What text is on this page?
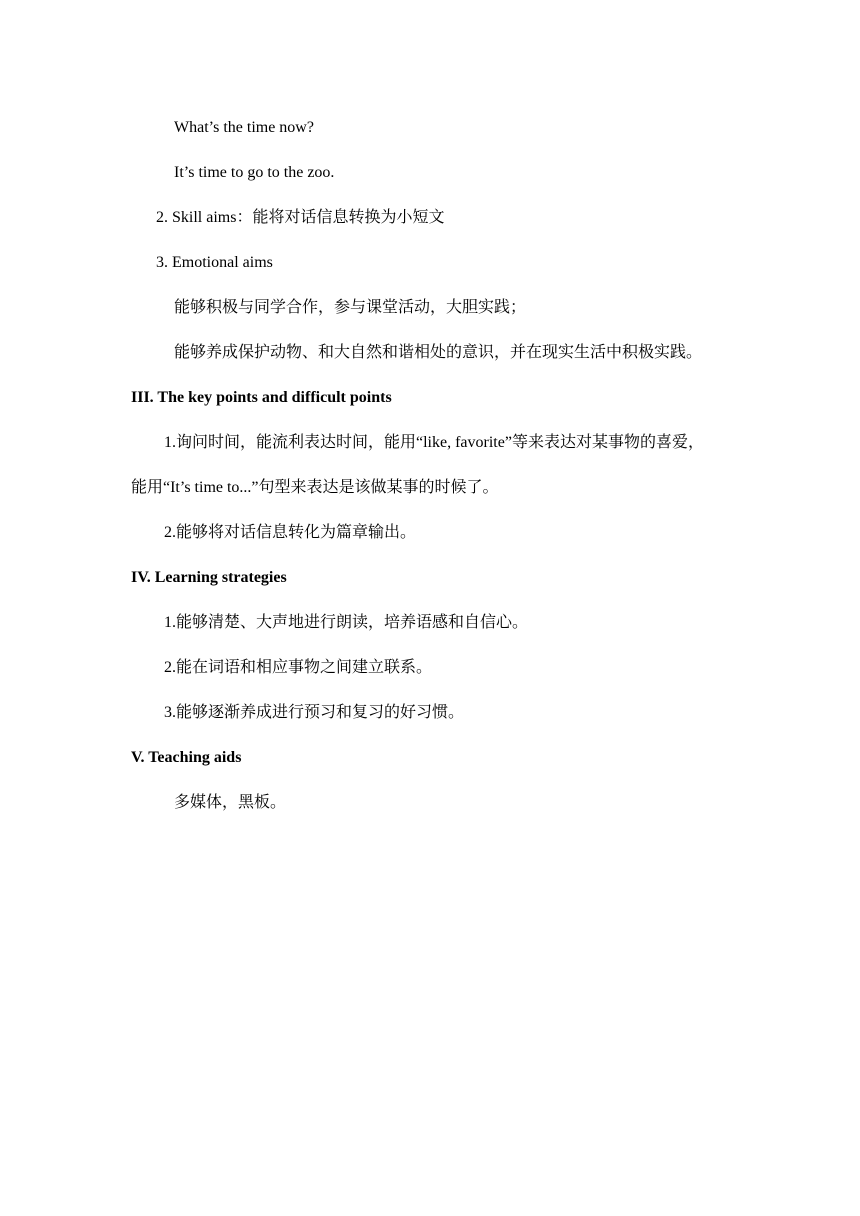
What’s the time now?
It’s time to go to the zoo.
2. Skill aims：能将对话信息转换为小短文
3. Emotional aims
能够积极与同学合作，参与课堂活动，大胆实践；
能够养成保护动物、和大自然和谐相处的意识，并在现实生活中积极实践。
III. The key points and difficult points
1.询问时间，能流利表达时间，能用“like, favorite”等来表达对某事物的喜爱，
能用“It’s time to...”句型来表达是该做某事的时候了。
2.能够将对话信息转化为篇章输出。
IV. Learning strategies
1.能够清楚、大声地进行朗读，培养语感和自信心。
2.能在词语和相应事物之间建立联系。
3.能够逐渐养成进行预习和复习的好习惯。
V. Teaching aids
多媒体，黑板。
